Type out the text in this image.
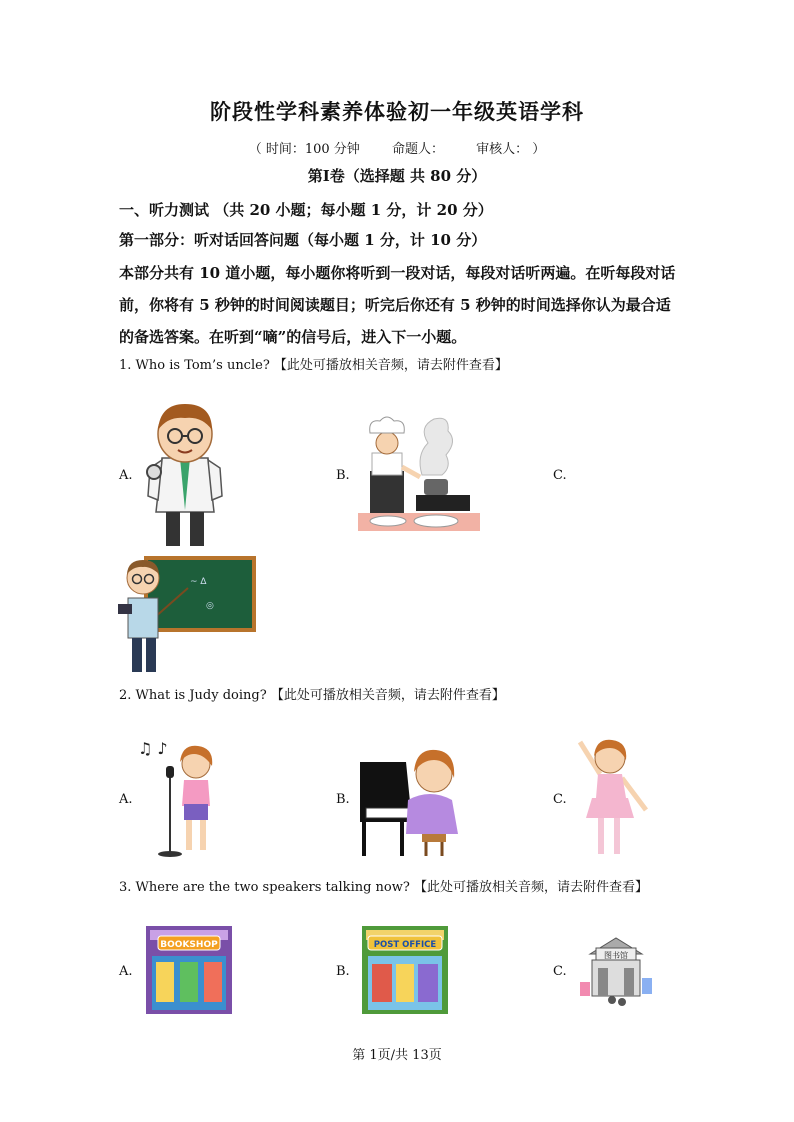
阶段性学科素养体验初一年级英语学科
（ 时间：100 分钟 命题人： 审核人： ）
第Ⅰ卷（选择题 共 80 分）
一、听力测试 （共 20 小题；每小题 1 分，计 20 分）
第一部分：听对话回答问题（每小题 1 分，计 10 分）
本部分共有 10 道小题，每小题你将听到一段对话，每段对话听两遍。在听每段对话前，你将有 5 秒钟的时间阅读题目；听完后你还有 5 秒钟的时间选择你认为最合适的备选答案。在听到“嘀”的信号后，进入下一小题。
1. Who is Tom’s uncle? 【此处可播放相关音频，请去附件查看】
A.	B.	C.
~ ∆
◎
2. What is Judy doing? 【此处可播放相关音频，请去附件查看】
A.	B.	C.
♫ ♪
3. Where are the two speakers talking now? 【此处可播放相关音频，请去附件查看】
A.	B.	C.
BOOKSHOP	POST OFFICE
图书馆
第 1页/共 13页
